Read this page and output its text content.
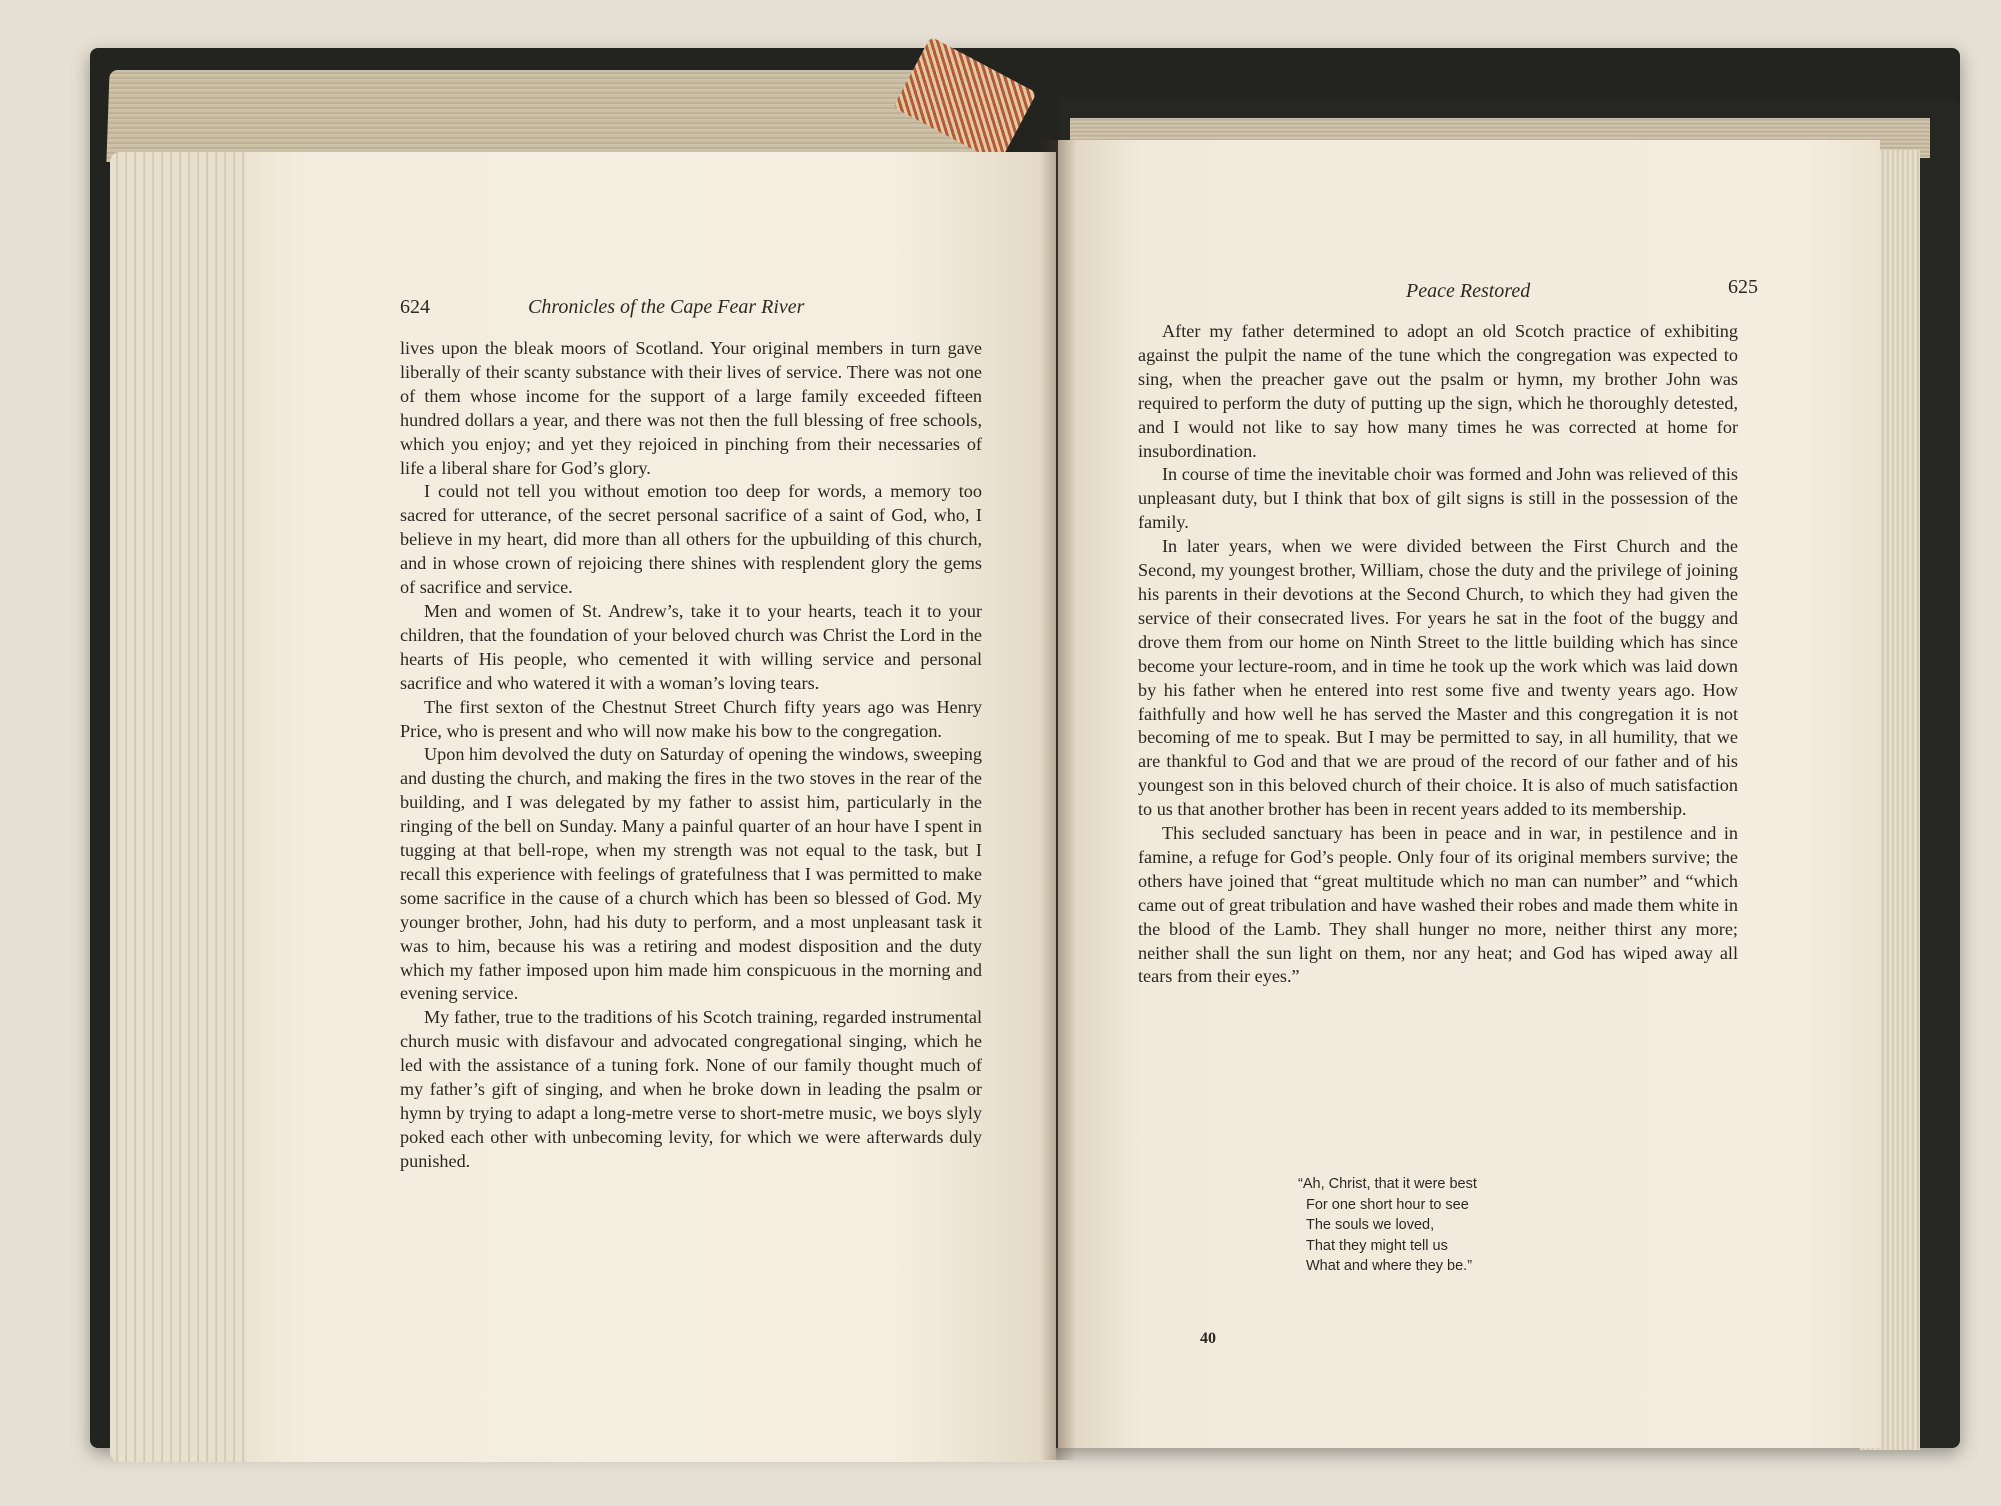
624	Chronicles of the Cape Fear River

lives upon the bleak moors of Scotland. Your original members in turn gave liberally of their scanty substance with their lives of service. There was not one of them whose income for the support of a large family exceeded fifteen hundred dollars a year, and there was not then the full blessing of free schools, which you enjoy; and yet they rejoiced in pinching from their necessaries of life a liberal share for God’s glory.

I could not tell you without emotion too deep for words, a memory too sacred for utterance, of the secret personal sacrifice of a saint of God, who, I believe in my heart, did more than all others for the upbuilding of this church, and in whose crown of rejoicing there shines with resplendent glory the gems of sacrifice and service.

Men and women of St. Andrew’s, take it to your hearts, teach it to your children, that the foundation of your beloved church was Christ the Lord in the hearts of His people, who cemented it with willing service and personal sacrifice and who watered it with a woman’s loving tears.

The first sexton of the Chestnut Street Church fifty years ago was Henry Price, who is present and who will now make his bow to the congregation.

Upon him devolved the duty on Saturday of opening the windows, sweeping and dusting the church, and making the fires in the two stoves in the rear of the building, and I was delegated by my father to assist him, particularly in the ringing of the bell on Sunday. Many a painful quarter of an hour have I spent in tugging at that bell-rope, when my strength was not equal to the task, but I recall this experience with feelings of gratefulness that I was permitted to make some sacrifice in the cause of a church which has been so blessed of God. My younger brother, John, had his duty to perform, and a most unpleasant task it was to him, because his was a retiring and modest disposition and the duty which my father imposed upon him made him conspicuous in the morning and evening service.

My father, true to the traditions of his Scotch training, regarded instrumental church music with disfavour and advocated congregational singing, which he led with the assistance of a tuning fork. None of our family thought much of my father’s gift of singing, and when he broke down in leading the psalm or hymn by trying to adapt a long-metre verse to short-metre music, we boys slyly poked each other with unbecoming levity, for which we were afterwards duly punished.

Peace Restored	625

After my father determined to adopt an old Scotch practice of exhibiting against the pulpit the name of the tune which the congregation was expected to sing, when the preacher gave out the psalm or hymn, my brother John was required to perform the duty of putting up the sign, which he thoroughly detested, and I would not like to say how many times he was corrected at home for insubordination.

In course of time the inevitable choir was formed and John was relieved of this unpleasant duty, but I think that box of gilt signs is still in the possession of the family.

In later years, when we were divided between the First Church and the Second, my youngest brother, William, chose the duty and the privilege of joining his parents in their devotions at the Second Church, to which they had given the service of their consecrated lives. For years he sat in the foot of the buggy and drove them from our home on Ninth Street to the little building which has since become your lecture-room, and in time he took up the work which was laid down by his father when he entered into rest some five and twenty years ago. How faithfully and how well he has served the Master and this congregation it is not becoming of me to speak. But I may be permitted to say, in all humility, that we are thankful to God and that we are proud of the record of our father and of his youngest son in this beloved church of their choice. It is also of much satisfaction to us that another brother has been in recent years added to its membership.

This secluded sanctuary has been in peace and in war, in pestilence and in famine, a refuge for God’s people. Only four of its original members survive; the others have joined that “great multitude which no man can number” and “which came out of great tribulation and have washed their robes and made them white in the blood of the Lamb. They shall hunger no more, neither thirst any more; neither shall the sun light on them, nor any heat; and God has wiped away all tears from their eyes.”

“Ah, Christ, that it were best
For one short hour to see
The souls we loved,
That they might tell us
What and where they be.”
40
